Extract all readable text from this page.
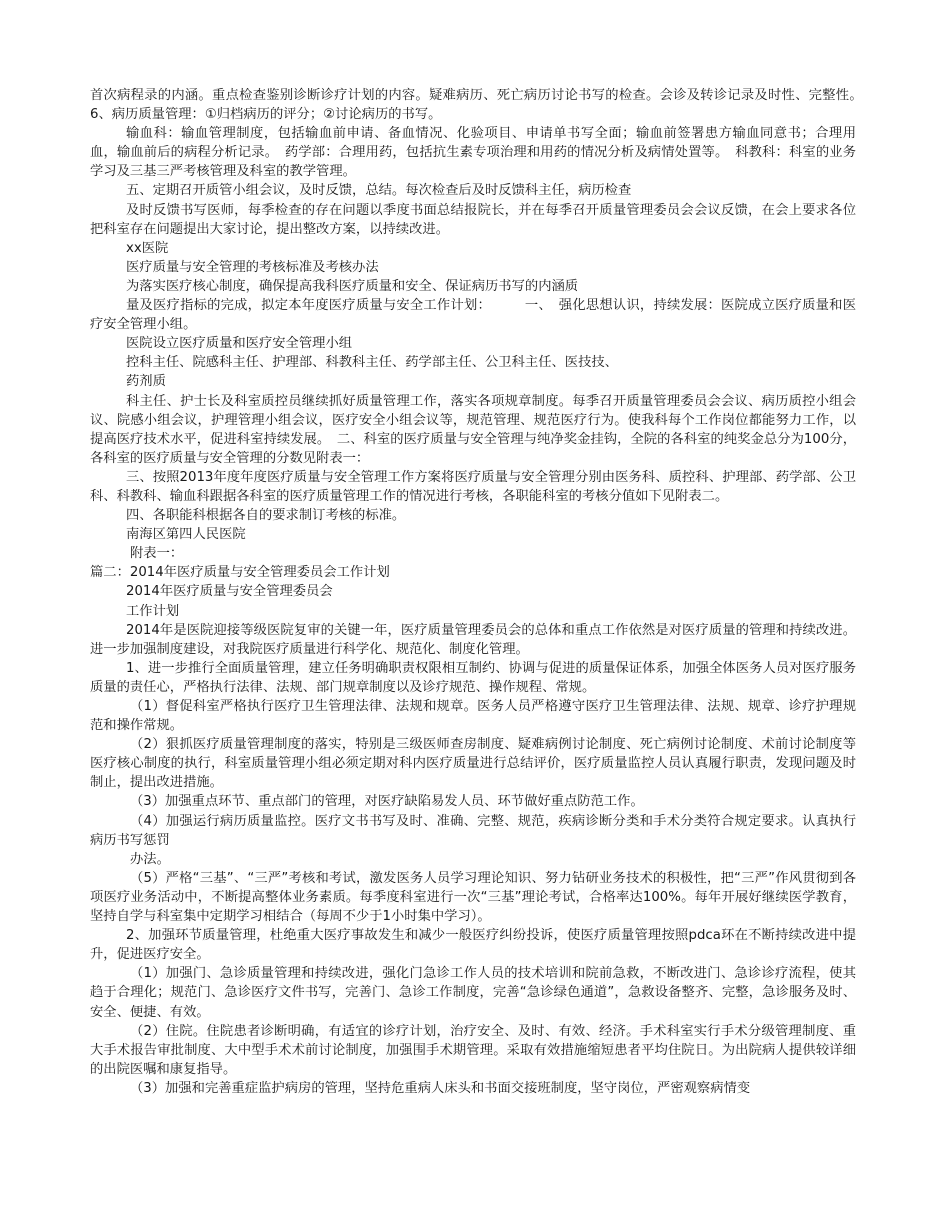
首次病程录的内涵。重点检查鉴别诊断诊疗计划的内容。疑难病历、死亡病历讨论书写的检查。会诊及转诊记录及时性、完整性。　 6、病历质量管理：①归档病历的评分；②讨论病历的书写。

输血科：输血管理制度，包括输血前申请、备血情况、化验项目、申请单书写全面；输血前签署患方输血同意书；合理用血，输血前后的病程分析记录。　药学部：合理用药，包括抗生素专项治理和用药的情况分析及病情处置等。　科教科：科室的业务学习及三基三严考核管理及科室的教学管理。

五、定期召开质管小组会议，及时反馈，总结。每次检查后及时反馈科主任，病历检查

及时反馈书写医师，每季检查的存在问题以季度书面总结报院长，并在每季召开质量管理委员会会议反馈，在会上要求各位把科室存在问题提出大家讨论，提出整改方案，以持续改进。

xx医院

医疗质量与安全管理的考核标准及考核办法

为落实医疗核心制度，确保提高我科医疗质量和安全、保证病历书写的内涵质

量及医疗指标的完成，拟定本年度医疗质量与安全工作计划：　　　一、　强化思想认识，持续发展：医院成立医疗质量和医疗安全管理小组。

医院设立医疗质量和医疗安全管理小组

控科主任、院感科主任、护理部、科教科主任、药学部主任、公卫科主任、医技技、

药剂质

科主任、护士长及科室质控员继续抓好质量管理工作，落实各项规章制度。每季召开质量管理委员会会议、病历质控小组会议、院感小组会议，护理管理小组会议，医疗安全小组会议等，规范管理、规范医疗行为。使我科每个工作岗位都能努力工作，以提高医疗技术水平，促进科室持续发展。　二、科室的医疗质量与安全管理与纯净奖金挂钩，全院的各科室的纯奖金总分为100分，各科室的医疗质量与安全管理的分数见附表一：

三、按照2013年度年度医疗质量与安全管理工作方案将医疗质量与安全管理分别由医务科、质控科、护理部、药学部、公卫科、科教科、输血科跟据各科室的医疗质量管理工作的情况进行考核，各职能科室的考核分值如下见附表二。

四、各职能科根据各自的要求制订考核的标准。

南海区第四人民医院

附表一：

篇二：2014年医疗质量与安全管理委员会工作计划

2014年医疗质量与安全管理委员会

工作计划

2014年是医院迎接等级医院复审的关键一年，医疗质量管理委员会的总体和重点工作依然是对医疗质量的管理和持续改进。进一步加强制度建设，对我院医疗质量进行科学化、规范化、制度化管理。

1、进一步推行全面质量管理，建立任务明确职责权限相互制约、协调与促进的质量保证体系，加强全体医务人员对医疗服务质量的责任心，严格执行法律、法规、部门规章制度以及诊疗规范、操作规程、常规。

（1）督促科室严格执行医疗卫生管理法律、法规和规章。医务人员严格遵守医疗卫生管理法律、法规、规章、诊疗护理规范和操作常规。

（2）狠抓医疗质量管理制度的落实，特别是三级医师查房制度、疑难病例讨论制度、死亡病例讨论制度、术前讨论制度等医疗核心制度的执行，科室质量管理小组必须定期对科内医疗质量进行总结评价，医疗质量监控人员认真履行职责，发现问题及时制止，提出改进措施。

（3）加强重点环节、重点部门的管理，对医疗缺陷易发人员、环节做好重点防范工作。

（4）加强运行病历质量监控。医疗文书书写及时、准确、完整、规范，疾病诊断分类和手术分类符合规定要求。认真执行病历书写惩罚

办法。

（5）严格“三基”、“三严”考核和考试，激发医务人员学习理论知识、努力钻研业务技术的积极性，把“三严”作风贯彻到各项医疗业务活动中，不断提高整体业务素质。每季度科室进行一次“三基”理论考试，合格率达100%。每年开展好继续医学教育，坚持自学与科室集中定期学习相结合（每周不少于1小时集中学习）。

2、加强环节质量管理，杜绝重大医疗事故发生和减少一般医疗纠纷投诉，使医疗质量管理按照pdca环在不断持续改进中提升，促进医疗安全。

（1）加强门、急诊质量管理和持续改进，强化门急诊工作人员的技术培训和院前急救，不断改进门、急诊诊疗流程，使其趋于合理化；规范门、急诊医疗文件书写，完善门、急诊工作制度，完善“急诊绿色通道”，急救设备整齐、完整，急诊服务及时、安全、便捷、有效。

（2）住院。住院患者诊断明确，有适宜的诊疗计划，治疗安全、及时、有效、经济。手术科室实行手术分级管理制度、重大手术报告审批制度、大中型手术术前讨论制度，加强围手术期管理。采取有效措施缩短患者平均住院日。为出院病人提供较详细的出院医嘱和康复指导。

（3）加强和完善重症监护病房的管理，坚持危重病人床头和书面交接班制度，坚守岗位，严密观察病情变
